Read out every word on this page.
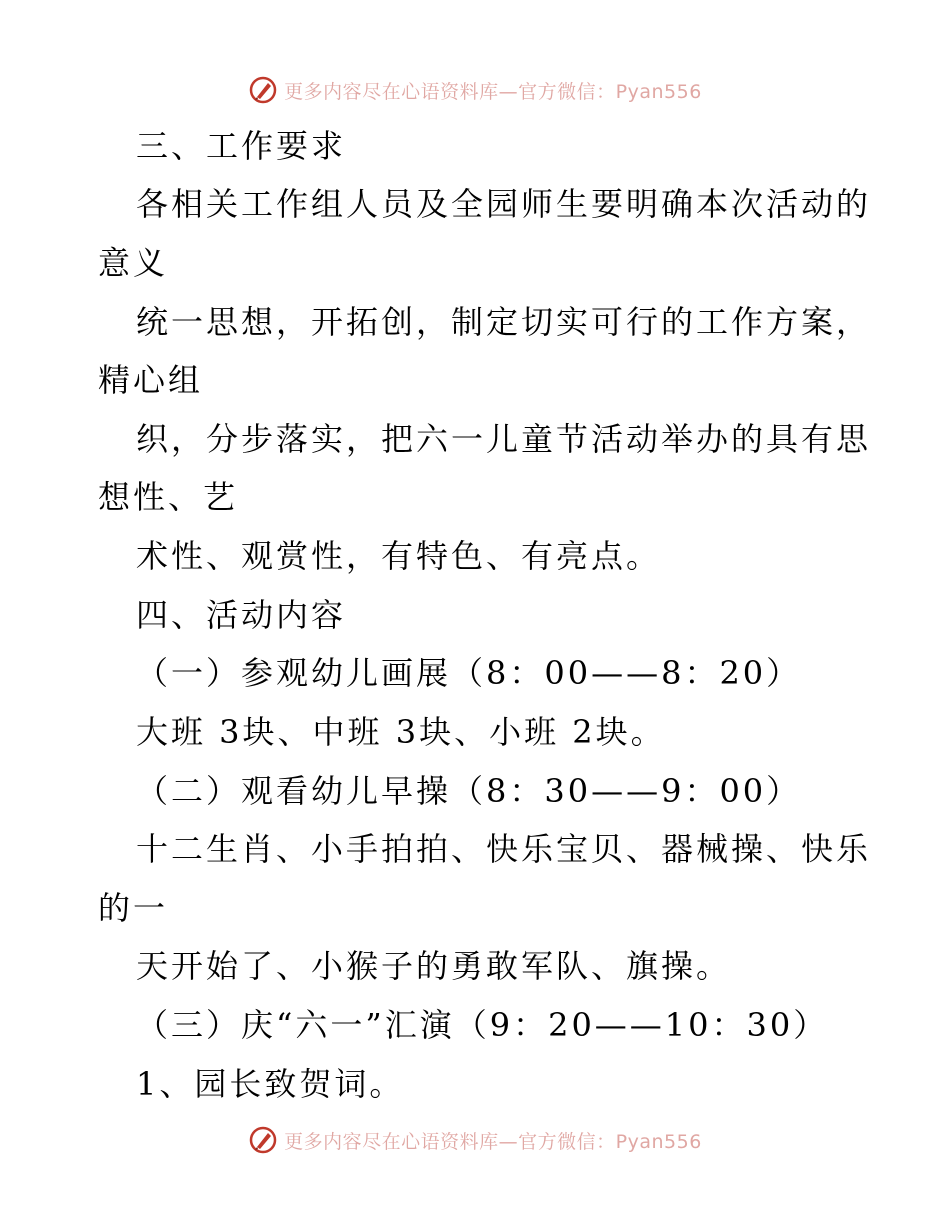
更多内容尽在心语资料库—官方微信：Pyan556
三、工作要求
各相关工作组人员及全园师生要明确本次活动的
意义
统一思想，开拓创，制定切实可行的工作方案，
精心组
织，分步落实，把六一儿童节活动举办的具有思
想性、艺
术性、观赏性，有特色、有亮点。
四、活动内容
（一）参观幼儿画展（8：00——8：20）
大班 3块、中班 3块、小班 2块。
（二）观看幼儿早操（8：30——9：00）
十二生肖、小手拍拍、快乐宝贝、器械操、快乐
的一
天开始了、小猴子的勇敢军队、旗操。
（三）庆“六一”汇演（9：20——10：30）
1、园长致贺词。
更多内容尽在心语资料库—官方微信：Pyan556
